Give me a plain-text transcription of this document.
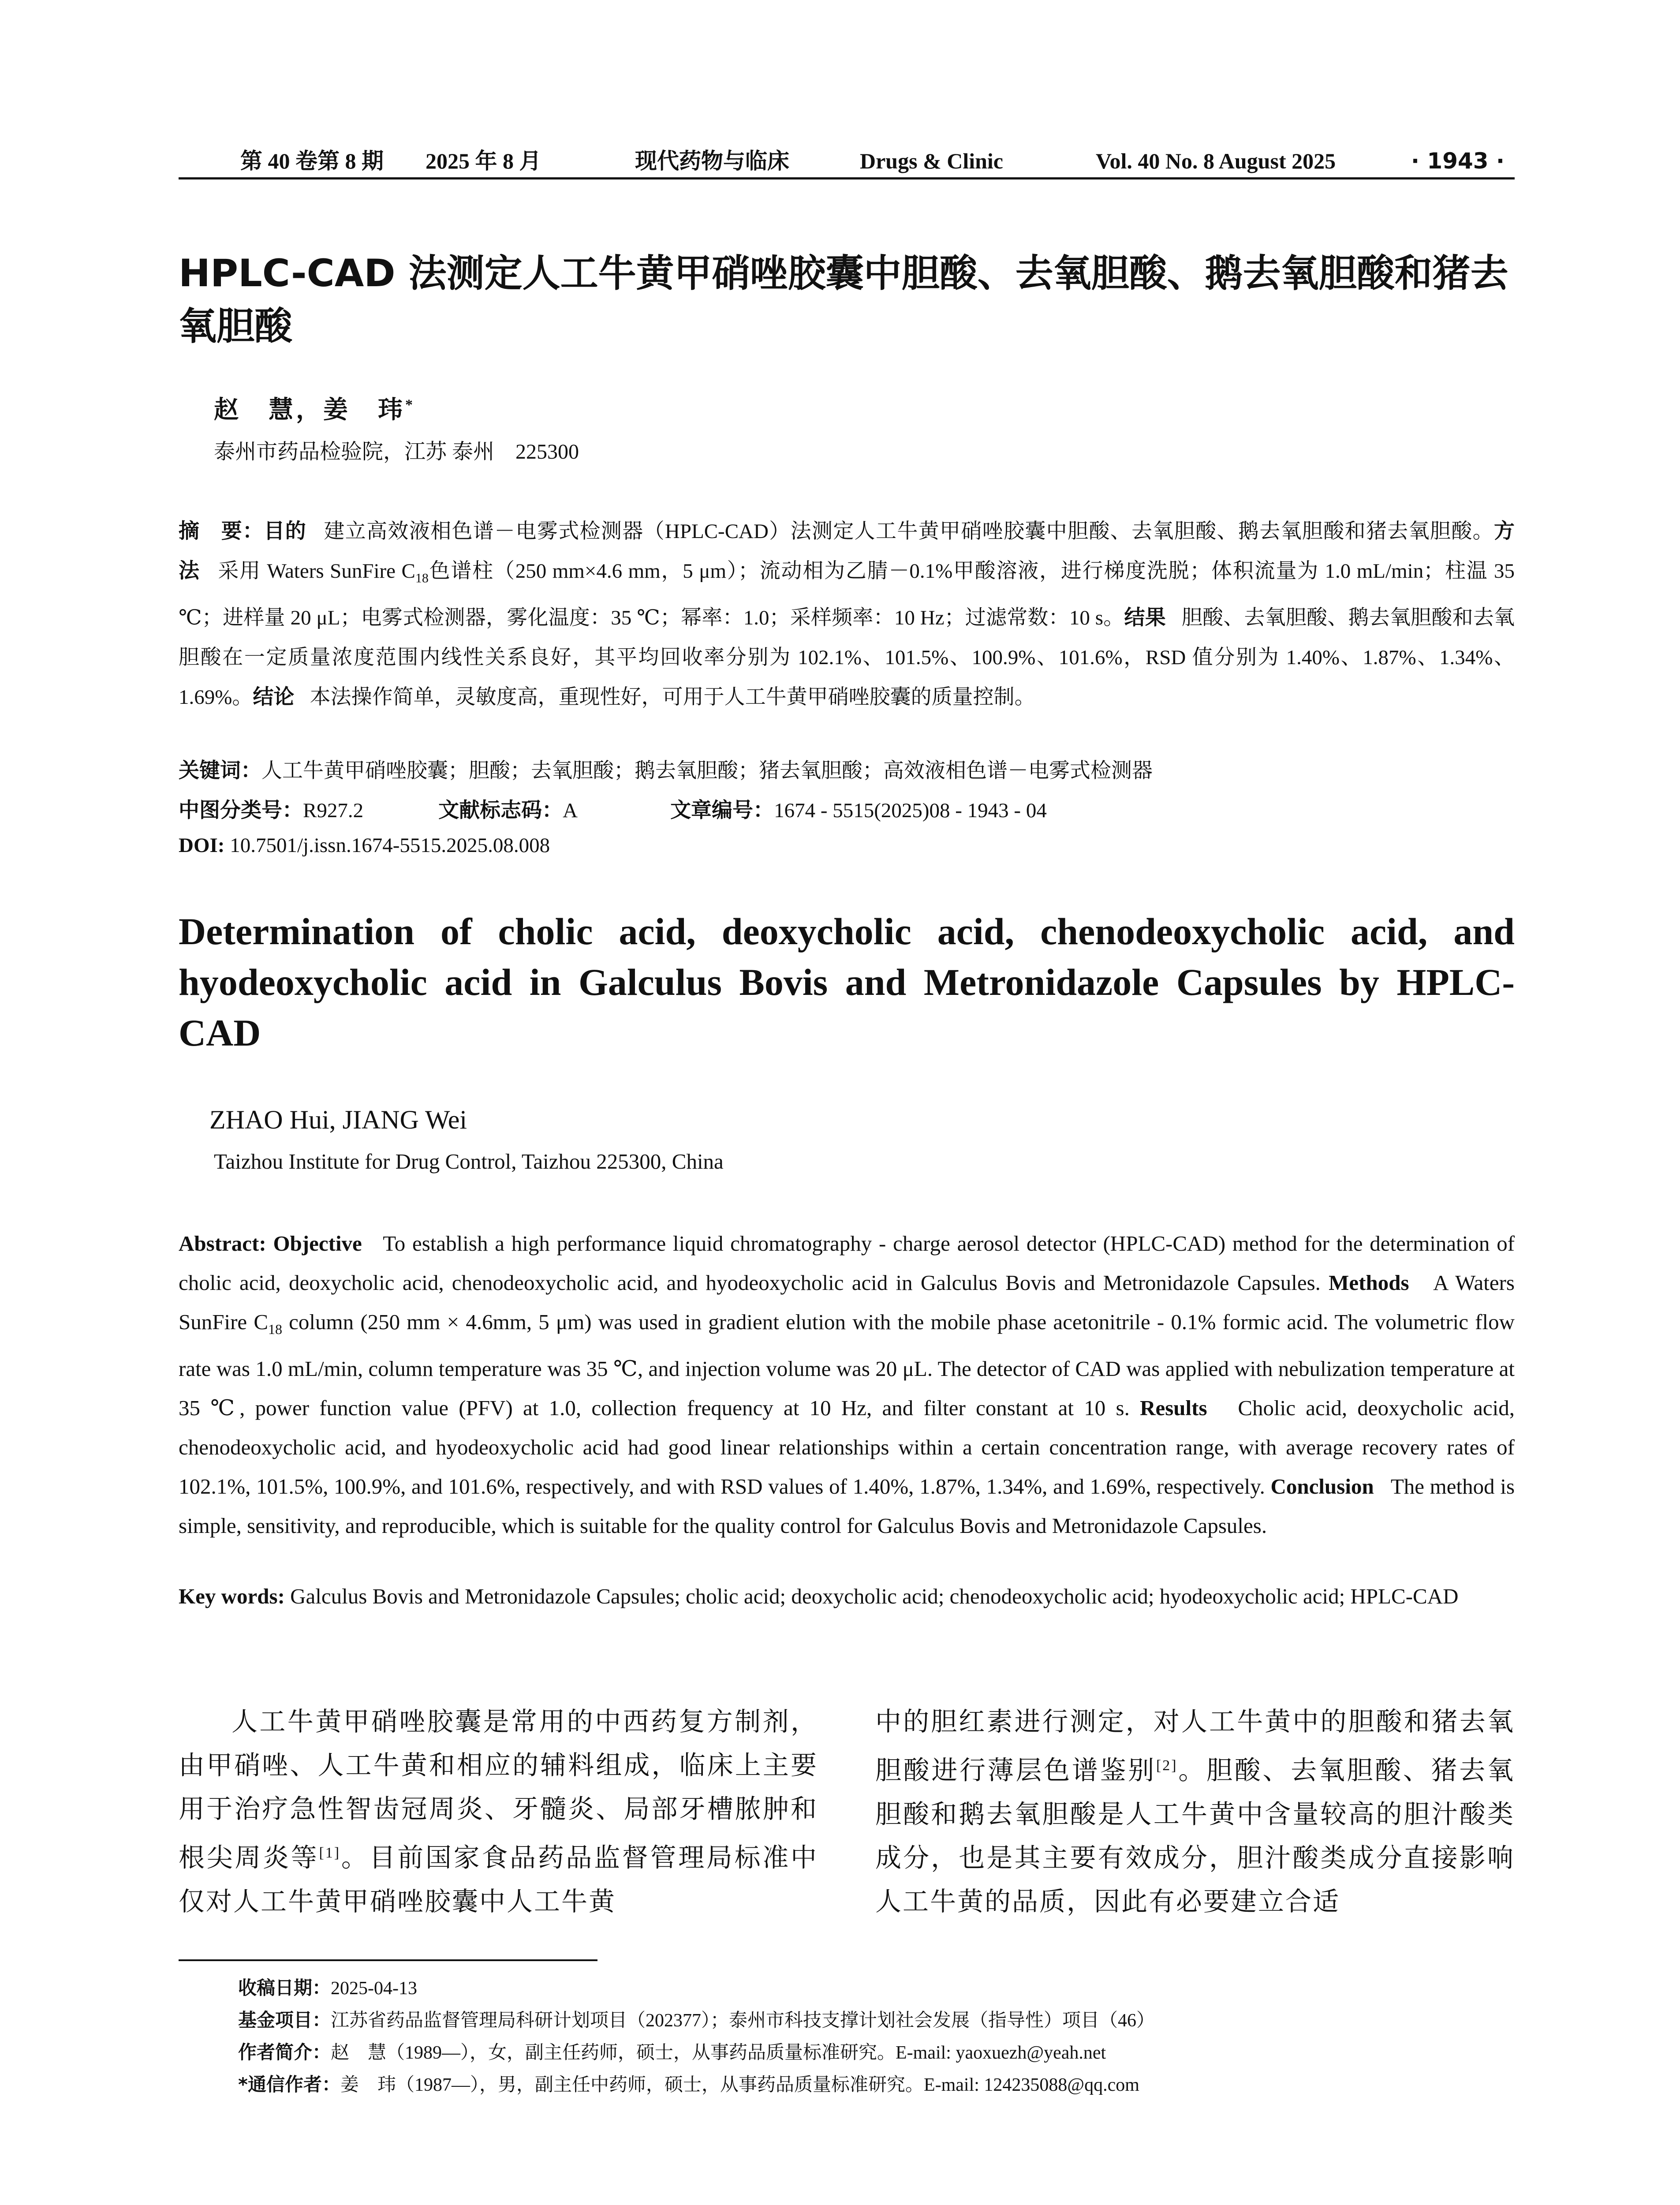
第 40 卷第 8 期 2025 年 8 月	现代药物与临床	Drugs & Clinic	Vol. 40 No. 8 August 2025	· 1943 ·
HPLC-CAD 法测定人工牛黄甲硝唑胶囊中胆酸、去氧胆酸、鹅去氧胆酸和猪去氧胆酸
赵　慧，姜　玮*
泰州市药品检验院，江苏 泰州　225300
摘　要：目的 建立高效液相色谱－电雾式检测器（HPLC-CAD）法测定人工牛黄甲硝唑胶囊中胆酸、去氧胆酸、鹅去氧胆酸和猪去氧胆酸。方法 采用 Waters SunFire $C_{18}$色谱柱（250 mm×4.6 mm，5 μm）；流动相为乙腈－0.1%甲酸溶液，进行梯度洗脱；体积流量为 1.0 mL/min；柱温 35 ℃；进样量 20 μL；电雾式检测器，雾化温度：35 ℃；幂率：1.0；采样频率：10 Hz；过滤常数：10 s。结果 胆酸、去氧胆酸、鹅去氧胆酸和去氧胆酸在一定质量浓度范围内线性关系良好，其平均回收率分别为 102.1%、101.5%、100.9%、101.6%，RSD 值分别为 1.40%、1.87%、1.34%、1.69%。结论 本法操作简单，灵敏度高，重现性好，可用于人工牛黄甲硝唑胶囊的质量控制。
关键词：人工牛黄甲硝唑胶囊；胆酸；去氧胆酸；鹅去氧胆酸；猪去氧胆酸；高效液相色谱－电雾式检测器
中图分类号：R927.2	文献标志码：A	文章编号：1674 - 5515(2025)08 - 1943 - 04
DOI: 10.7501/j.issn.1674-5515.2025.08.008
Determination of cholic acid, deoxycholic acid, chenodeoxycholic acid, and hyodeoxycholic acid in Galculus Bovis and Metronidazole Capsules by HPLC-CAD
ZHAO Hui, JIANG Wei
Taizhou Institute for Drug Control, Taizhou 225300, China
Abstract: Objective To establish a high performance liquid chromatography - charge aerosol detector (HPLC-CAD) method for the determination of cholic acid, deoxycholic acid, chenodeoxycholic acid, and hyodeoxycholic acid in Galculus Bovis and Metronidazole Capsules. Methods A Waters SunFire $C_{18}$ column (250 mm × 4.6mm, 5 μm) was used in gradient elution with the mobile phase acetonitrile - 0.1% formic acid. The volumetric flow rate was 1.0 mL/min, column temperature was 35 ℃, and injection volume was 20 μL. The detector of CAD was applied with nebulization temperature at 35 ℃, power function value (PFV) at 1.0, collection frequency at 10 Hz, and filter constant at 10 s. Results Cholic acid, deoxycholic acid, chenodeoxycholic acid, and hyodeoxycholic acid had good linear relationships within a certain concentration range, with average recovery rates of 102.1%, 101.5%, 100.9%, and 101.6%, respectively, and with RSD values of 1.40%, 1.87%, 1.34%, and 1.69%, respectively. Conclusion The method is simple, sensitivity, and reproducible, which is suitable for the quality control for Galculus Bovis and Metronidazole Capsules.
Key words: Galculus Bovis and Metronidazole Capsules; cholic acid; deoxycholic acid; chenodeoxycholic acid; hyodeoxycholic acid; HPLC-CAD
人工牛黄甲硝唑胶囊是常用的中西药复方制剂，由甲硝唑、人工牛黄和相应的辅料组成，临床上主要用于治疗急性智齿冠周炎、牙髓炎、局部牙槽脓肿和根尖周炎等[1]。目前国家食品药品监督管理局标准中仅对人工牛黄甲硝唑胶囊中人工牛黄
中的胆红素进行测定，对人工牛黄中的胆酸和猪去氧胆酸进行薄层色谱鉴别[2]。胆酸、去氧胆酸、猪去氧胆酸和鹅去氧胆酸是人工牛黄中含量较高的胆汁酸类成分，也是其主要有效成分，胆汁酸类成分直接影响人工牛黄的品质，因此有必要建立合适
收稿日期：2025-04-13
基金项目：江苏省药品监督管理局科研计划项目（202377）；泰州市科技支撑计划社会发展（指导性）项目（46）
作者简介：赵　慧（1989—），女，副主任药师，硕士，从事药品质量标准研究。E-mail: yaoxuezh@yeah.net
*通信作者：姜　玮（1987—），男，副主任中药师，硕士，从事药品质量标准研究。E-mail: 124235088@qq.com
